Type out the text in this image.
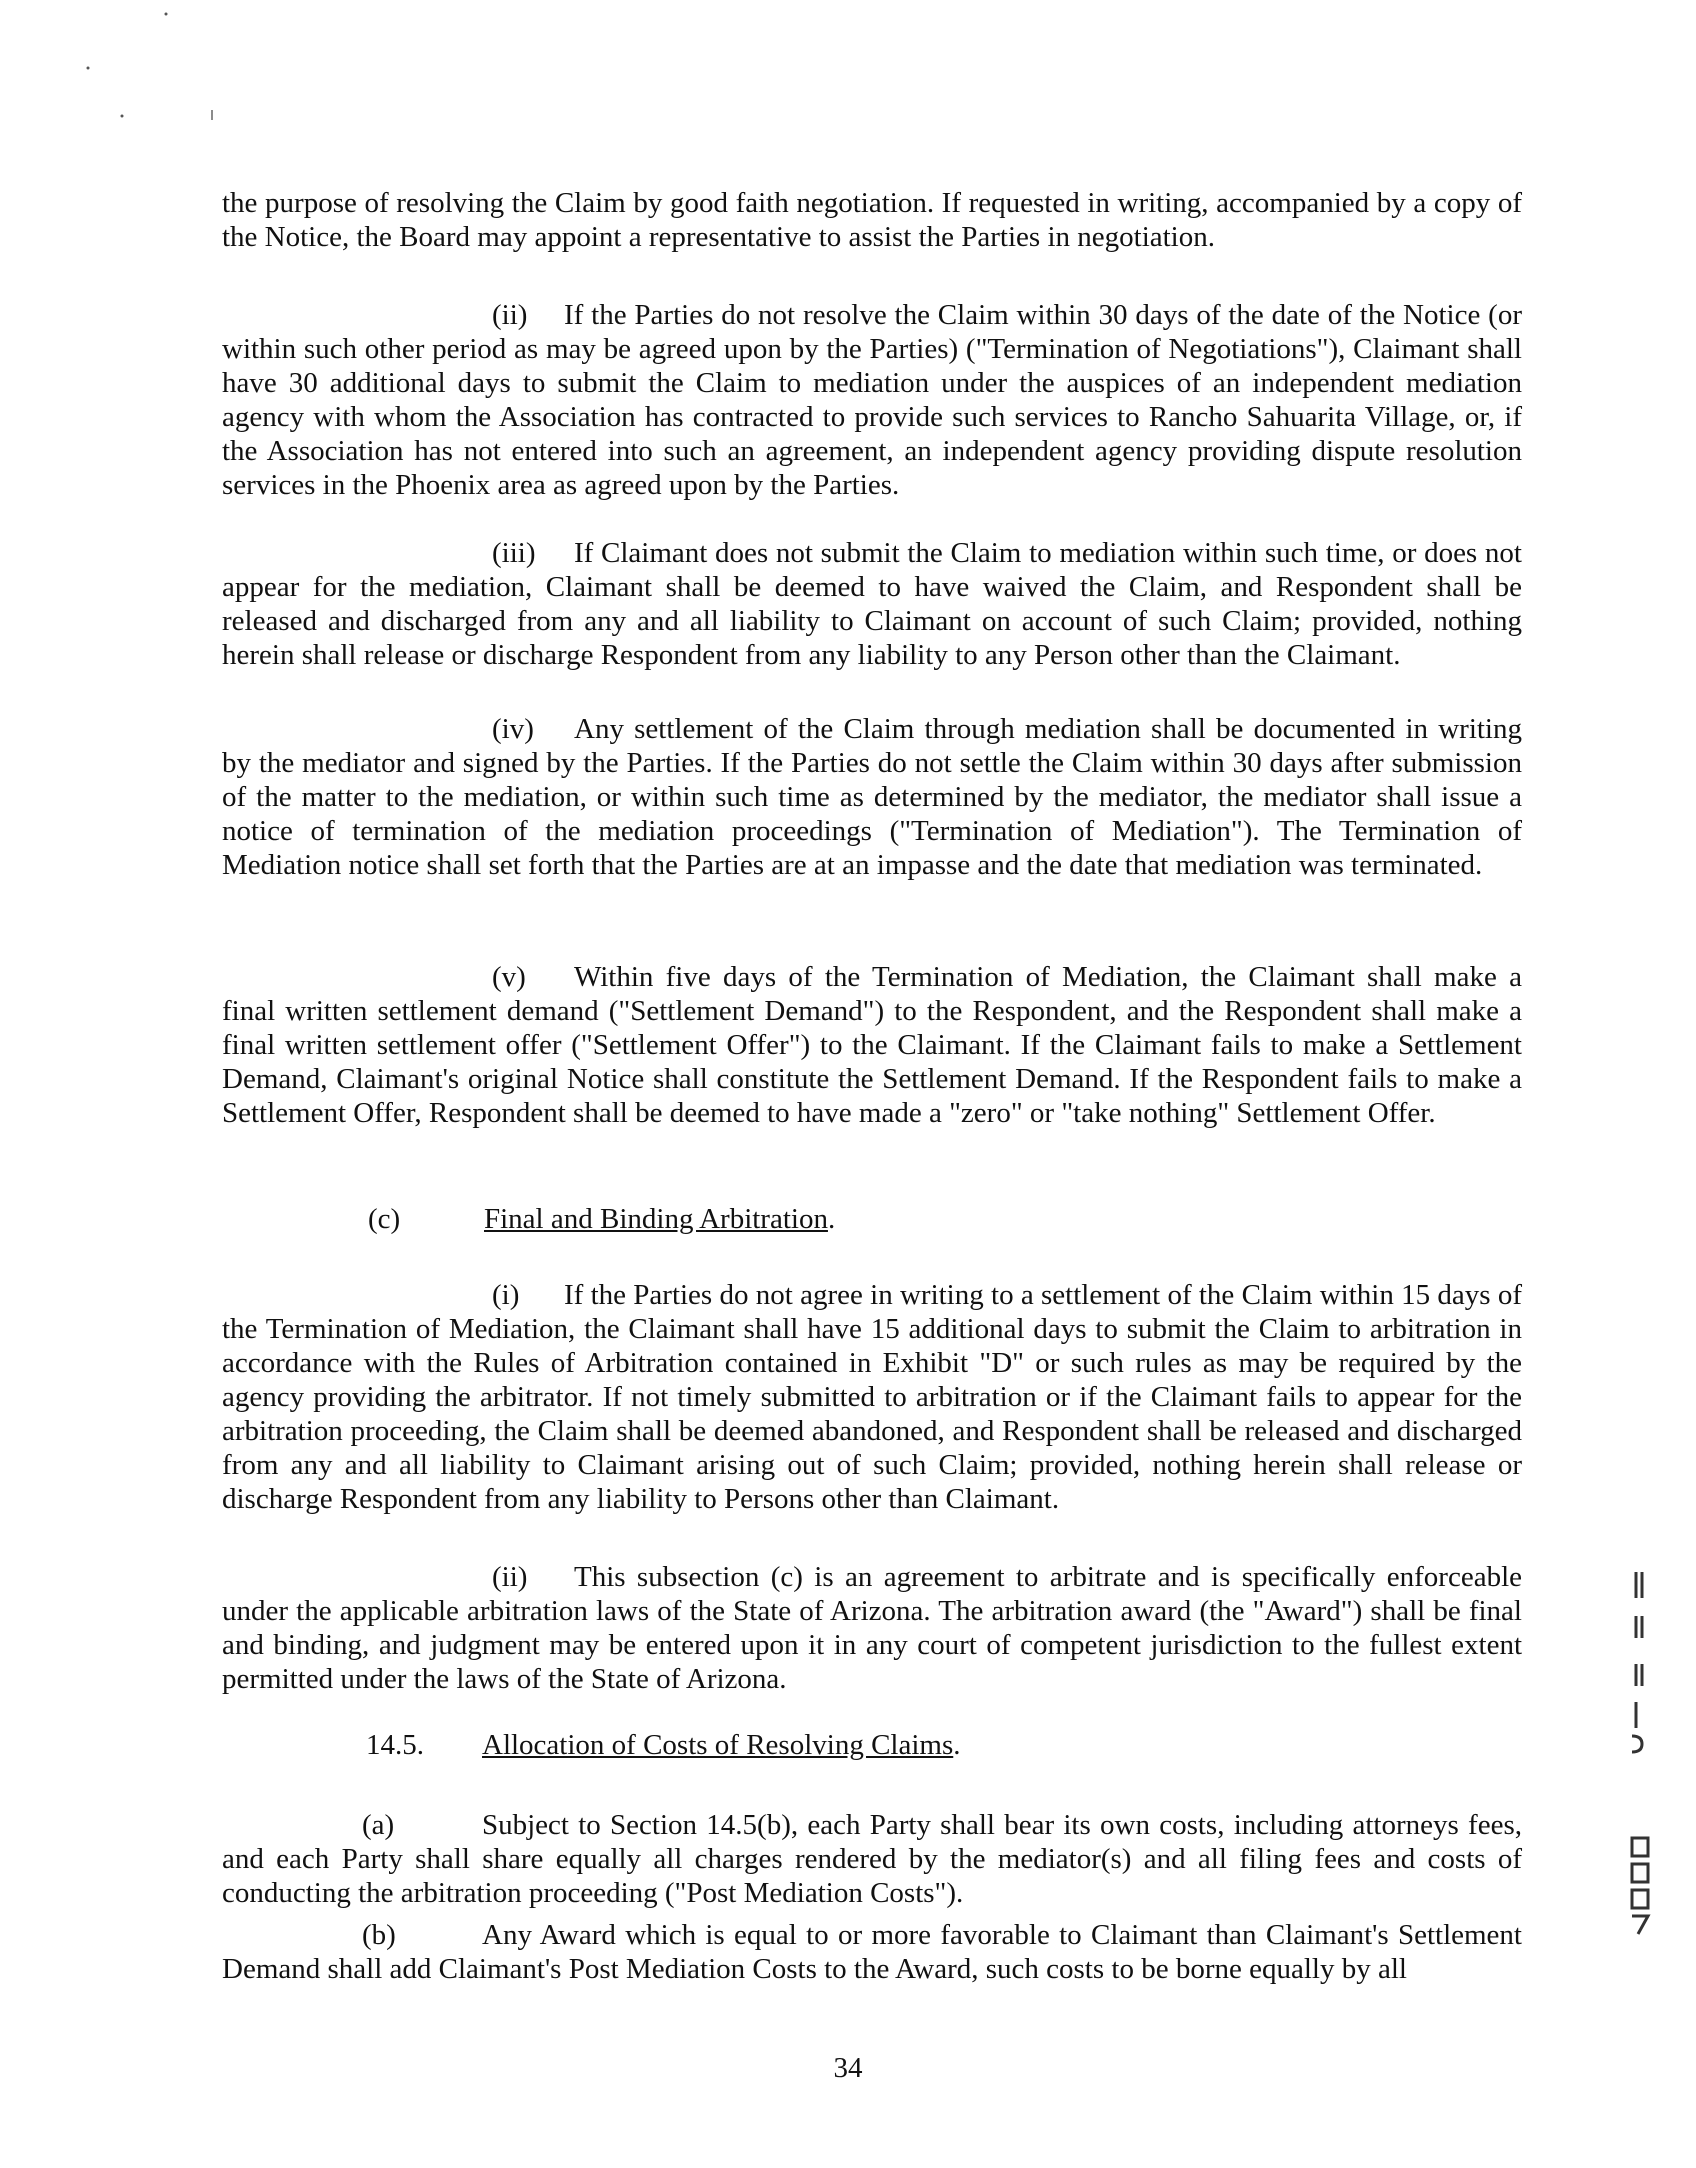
the purpose of resolving the Claim by good faith negotiation. If requested in writing, accompanied by a copy of the Notice, the Board may appoint a representative to assist the Parties in negotiation.

(ii) If the Parties do not resolve the Claim within 30 days of the date of the Notice (or within such other period as may be agreed upon by the Parties) ("Termination of Negotiations"), Claimant shall have 30 additional days to submit the Claim to mediation under the auspices of an independent mediation agency with whom the Association has contracted to provide such services to Rancho Sahuarita Village, or, if the Association has not entered into such an agreement, an independent agency providing dispute resolution services in the Phoenix area as agreed upon by the Parties.

(iii) If Claimant does not submit the Claim to mediation within such time, or does not appear for the mediation, Claimant shall be deemed to have waived the Claim, and Respondent shall be released and discharged from any and all liability to Claimant on account of such Claim; provided, nothing herein shall release or discharge Respondent from any liability to any Person other than the Claimant.

(iv) Any settlement of the Claim through mediation shall be documented in writing by the mediator and signed by the Parties. If the Parties do not settle the Claim within 30 days after submission of the matter to the mediation, or within such time as determined by the mediator, the mediator shall issue a notice of termination of the mediation proceedings ("Termination of Mediation"). The Termination of Mediation notice shall set forth that the Parties are at an impasse and the date that mediation was terminated.

(v) Within five days of the Termination of Mediation, the Claimant shall make a final written settlement demand ("Settlement Demand") to the Respondent, and the Respondent shall make a final written settlement offer ("Settlement Offer") to the Claimant. If the Claimant fails to make a Settlement Demand, Claimant's original Notice shall constitute the Settlement Demand. If the Respondent fails to make a Settlement Offer, Respondent shall be deemed to have made a "zero" or "take nothing" Settlement Offer.

(c)	Final and Binding Arbitration.

(i) If the Parties do not agree in writing to a settlement of the Claim within 15 days of the Termination of Mediation, the Claimant shall have 15 additional days to submit the Claim to arbitration in accordance with the Rules of Arbitration contained in Exhibit "D" or such rules as may be required by the agency providing the arbitrator. If not timely submitted to arbitration or if the Claimant fails to appear for the arbitration proceeding, the Claim shall be deemed abandoned, and Respondent shall be released and discharged from any and all liability to Claimant arising out of such Claim; provided, nothing herein shall release or discharge Respondent from any liability to Persons other than Claimant.

(ii) This subsection (c) is an agreement to arbitrate and is specifically enforceable under the applicable arbitration laws of the State of Arizona. The arbitration award (the "Award") shall be final and binding, and judgment may be entered upon it in any court of competent jurisdiction to the fullest extent permitted under the laws of the State of Arizona.

14.5. Allocation of Costs of Resolving Claims.

(a)	Subject to Section 14.5(b), each Party shall bear its own costs, including attorneys fees, and each Party shall share equally all charges rendered by the mediator(s) and all filing fees and costs of conducting the arbitration proceeding ("Post Mediation Costs").

(b)	Any Award which is equal to or more favorable to Claimant than Claimant's Settlement Demand shall add Claimant's Post Mediation Costs to the Award, such costs to be borne equally by all

34
